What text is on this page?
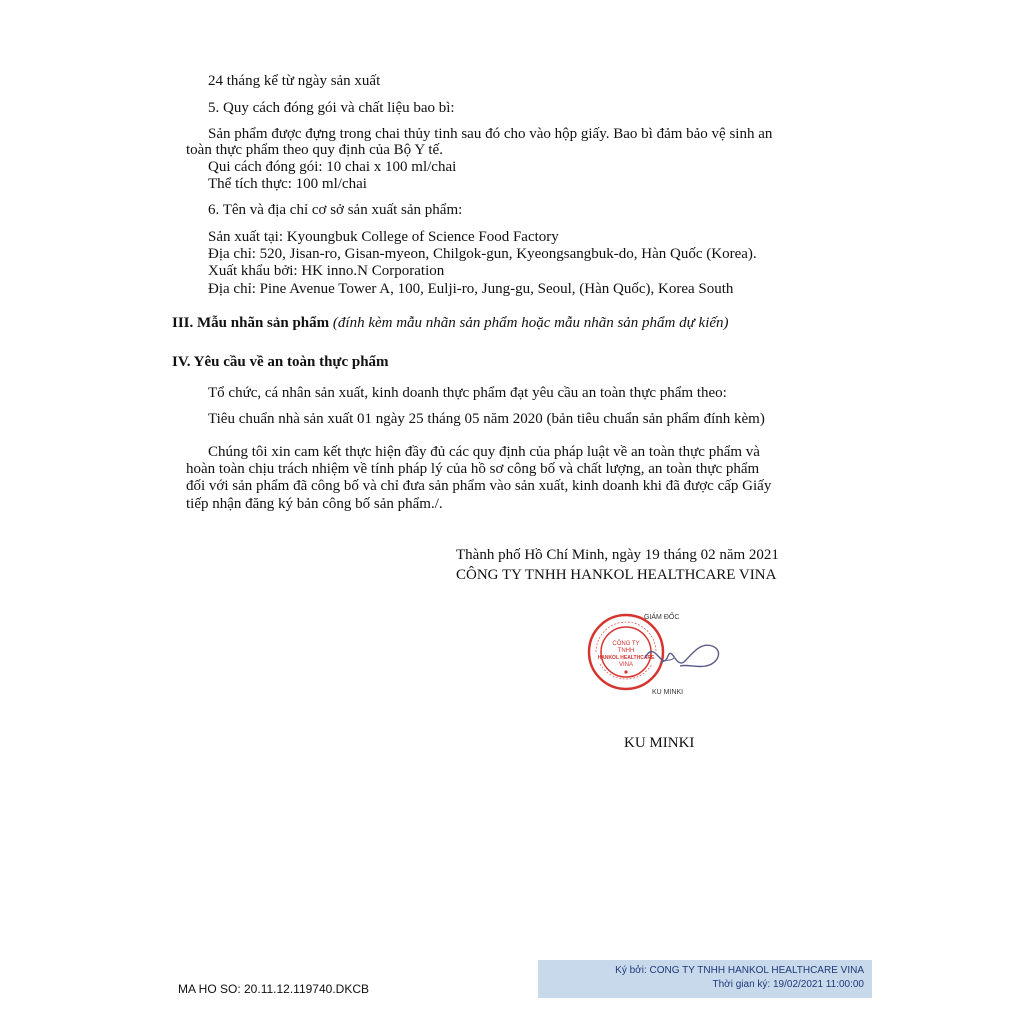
24 tháng kể từ ngày sản xuất
5. Quy cách đóng gói và chất liệu bao bì:
Sản phẩm được đựng trong chai thủy tinh sau đó cho vào hộp giấy. Bao bì đảm bảo vệ sinh an
toàn thực phẩm theo quy định của Bộ Y tế.
Qui cách đóng gói: 10 chai x 100 ml/chai
Thể tích thực: 100 ml/chai
6. Tên và địa chỉ cơ sở sản xuất sản phẩm:
Sản xuất tại: Kyoungbuk College of Science Food Factory
Địa chỉ: 520, Jisan-ro, Gisan-myeon, Chilgok-gun, Kyeongsangbuk-do, Hàn Quốc (Korea).
Xuất khẩu bởi: HK inno.N Corporation
Địa chỉ: Pine Avenue Tower A, 100, Eulji-ro, Jung-gu, Seoul, (Hàn Quốc), Korea South
III. Mẫu nhãn sản phẩm (đính kèm mẫu nhãn sản phẩm hoặc mẫu nhãn sản phẩm dự kiến)
IV. Yêu cầu về an toàn thực phẩm
Tổ chức, cá nhân sản xuất, kinh doanh thực phẩm đạt yêu cầu an toàn thực phẩm theo:
Tiêu chuẩn nhà sản xuất 01 ngày 25 tháng 05 năm 2020 (bản tiêu chuẩn sản phẩm đính kèm)
Chúng tôi xin cam kết thực hiện đầy đủ các quy định của pháp luật về an toàn thực phẩm và
hoàn toàn chịu trách nhiệm về tính pháp lý của hồ sơ công bố và chất lượng, an toàn thực phẩm
đối với sản phẩm đã công bố và chỉ đưa sản phẩm vào sản xuất, kinh doanh khi đã được cấp Giấy
tiếp nhận đăng ký bản công bố sản phẩm./.
Thành phố Hồ Chí Minh, ngày 19 tháng 02 năm 2021
CÔNG TY TNHH HANKOL HEALTHCARE VINA
CÔNG TY
TNHH
HANKOL HEALTHCARE
VINA
GIÁM ĐỐC
KU MINKI
KU MINKI
MA HO SO: 20.11.12.119740.DKCB
Ký bởi: CONG TY TNHH HANKOL HEALTHCARE VINA
Thời gian ký: 19/02/2021 11:00:00
